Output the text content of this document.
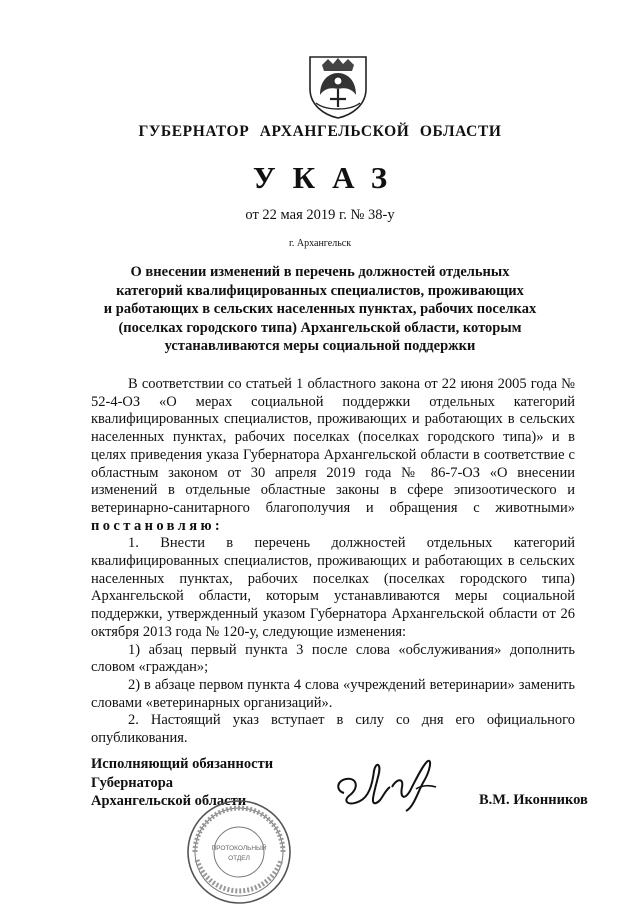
ГУБЕРНАТОР АРХАНГЕЛЬСКОЙ ОБЛАСТИ
УКАЗ
от 22 мая 2019 г. № 38-у
г. Архангельск
О внесении изменений в перечень должностей отдельных
категорий квалифицированных специалистов, проживающих
и работающих в сельских населенных пунктах, рабочих поселках
(поселках городского типа) Архангельской области, которым
устанавливаются меры социальной поддержки

В соответствии со статьей 1 областного закона от 22 июня 2005 года № 52-4-ОЗ «О мерах социальной поддержки отдельных категорий квалифицированных специалистов, проживающих и работающих в сельских населенных пунктах, рабочих поселках (поселках городского типа)» и в целях приведения указа Губернатора Архангельской области в соответствие с областным законом от 30 апреля 2019 года № 86-7-ОЗ «О внесении изменений в отдельные областные законы в сфере эпизоотического и ветеринарно-санитарного благополучия и обращения с животными» постановляю:

1. Внести в перечень должностей отдельных категорий квалифицированных специалистов, проживающих и работающих в сельских населенных пунктах, рабочих поселках (поселках городского типа) Архангельской области, которым устанавливаются меры социальной поддержки, утвержденный указом Губернатора Архангельской области от 26 октября 2013 года № 120-у, следующие изменения:

1) абзац первый пункта 3 после слова «обслуживания» дополнить словом «граждан»;

2) в абзаце первом пункта 4 слова «учреждений ветеринарии» заменить словами «ветеринарных организаций».

2. Настоящий указ вступает в силу со дня его официального опубликования.

Исполняющий обязанности
Губернатора
Архангельской области	В.М. Иконников
ПРОТОКОЛЬНЫЙ
ОТДЕЛ
